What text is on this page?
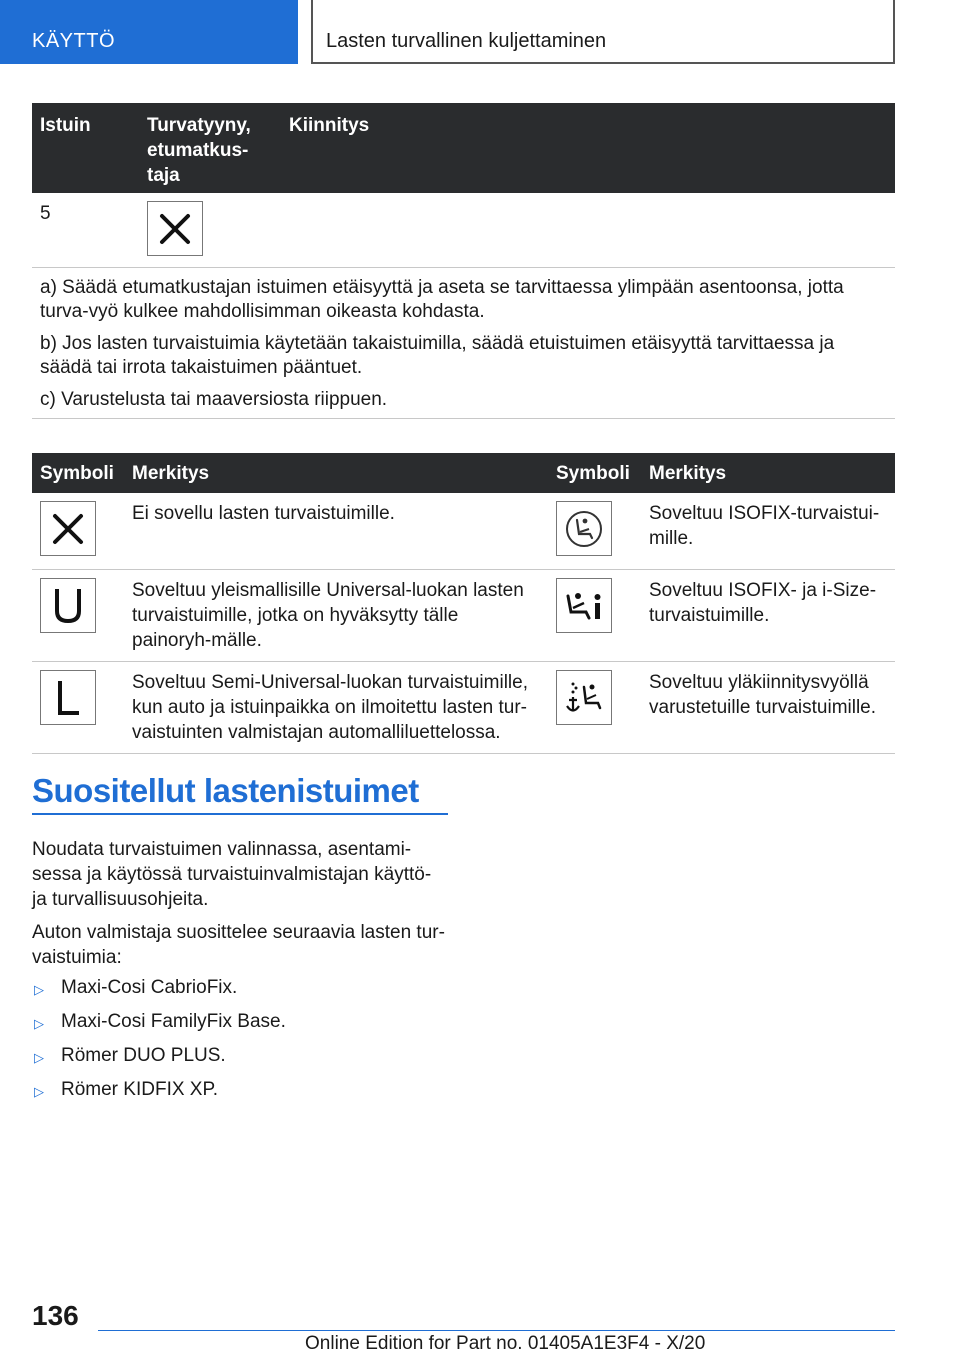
KÄYTTÖ	Lasten turvallinen kuljettaminen
Istuin	Turvatyyny, etumatkus-taja	Kiinnitys
5	

a) Säädä etumatkustajan istuimen etäisyyttä ja aseta se tarvittaessa ylimpään asentoonsa, jotta turva-vyö kulkee mahdollisimman oikeasta kohdasta.
b) Jos lasten turvaistuimia käytetään takaistuimilla, säädä etuistuimen etäisyyttä tarvittaessa ja säädä tai irrota takaistuimen pääntuet.
c) Varustelusta tai maaversiosta riippuen.		
Symboli	Merkitys	Symboli	Merkitys

	Ei sovellu lasten turvaistuimille.		Soveltuu ISOFIX-turvaistui-mille.

	Soveltuu yleismallisille Universal-luokan lasten turvaistuimille, jotka on hyväksytty tälle painoryh-mälle.		Soveltuu ISOFIX- ja i-Size-turvaistuimille.

	Soveltuu Semi-Universal-luokan turvaistuimille, kun auto ja istuinpaikka on ilmoitettu lasten tur-vaistuinten valmistajan automalliluettelossa.		Soveltuu yläkiinnitysvyöllä varustetuille turvaistuimille.
Suositellut lastenistuimet
Noudata turvaistuimen valinnassa, asentami-sessa ja käytössä turvaistuinvalmistajan käyttö- ja turvallisuusohjeita.
Auton valmistaja suosittelee seuraavia lasten tur-vaistuimia:
▷ Maxi-Cosi CabrioFix.
▷ Maxi-Cosi FamilyFix Base.
▷ Römer DUO PLUS.
▷ Römer KIDFIX XP.
136
Online Edition for Part no. 01405A1E3F4 - X/20
